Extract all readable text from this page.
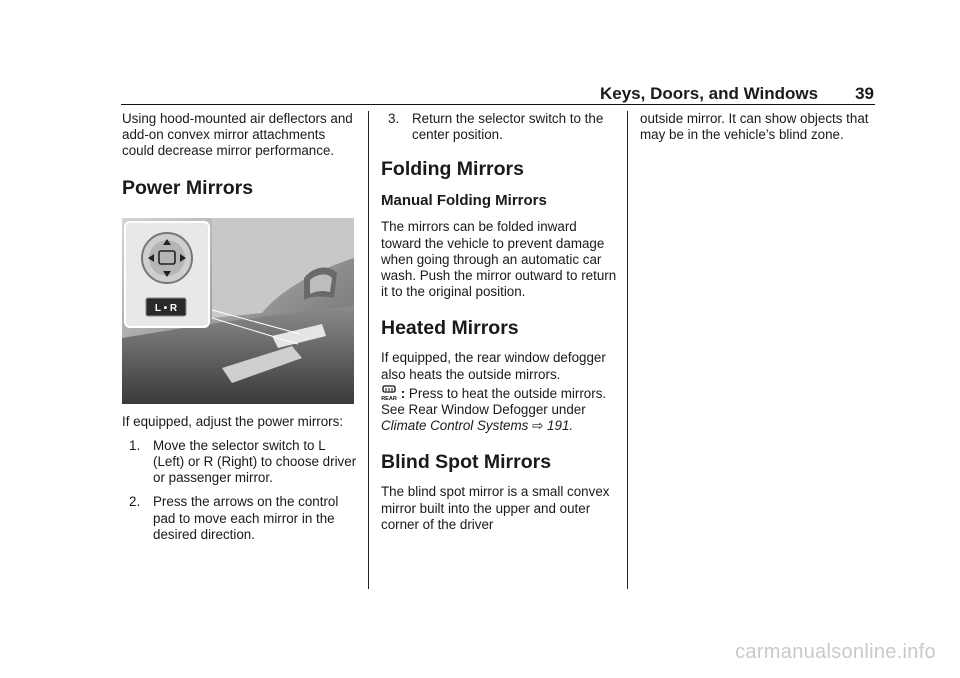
Keys, Doors, and Windows 39

Using hood-mounted air deflectors and add-on convex mirror attachments could decrease mirror performance.

Power Mirrors
L • R

If equipped, adjust the power mirrors:

1. Move the selector switch to L (Left) or R (Right) to choose driver or passenger mirror.
2. Press the arrows on the control pad to move each mirror in the desired direction.
3. Return the selector switch to the center position.
Folding Mirrors
Manual Folding Mirrors

The mirrors can be folded inward toward the vehicle to prevent damage when going through an automatic car wash. Push the mirror outward to return it to the original position.

Heated Mirrors

If equipped, the rear window defogger also heats the outside mirrors.

REAR : Press to heat the outside mirrors. See Rear Window Defogger under Climate Control Systems ⇨ 191.

Blind Spot Mirrors

The blind spot mirror is a small convex mirror built into the upper and outer corner of the driver

outside mirror. It can show objects that may be in the vehicle’s blind zone.

carmanualsonline.info
